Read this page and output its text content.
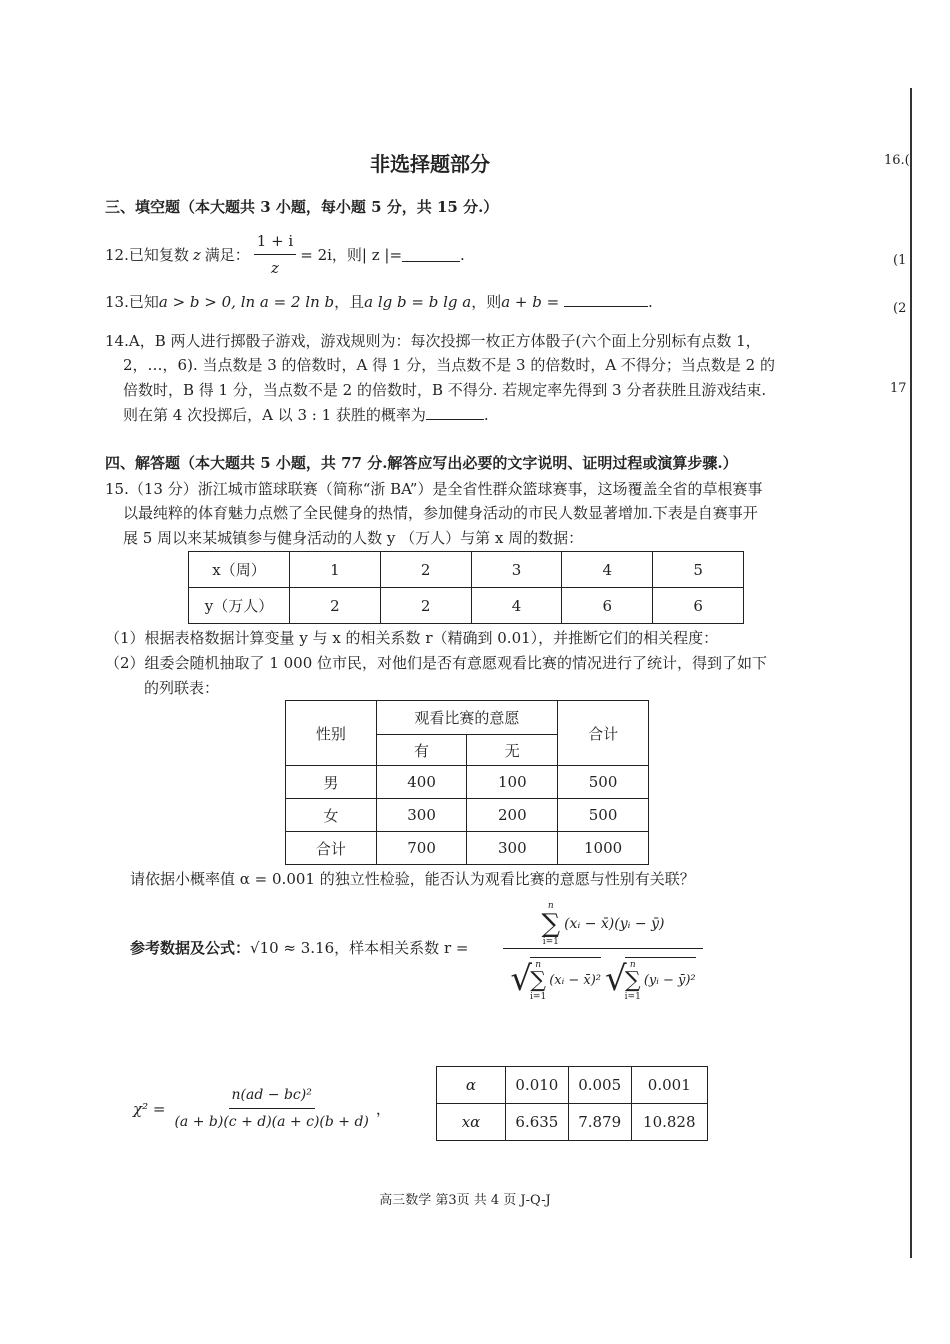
16.(
(1
(2
17
非选择题部分
三、填空题（本大题共 3 小题，每小题 5 分，共 15 分.）
12.已知复数 z 满足： $\frac{1 + i}{z} = 2i$ ，则| z |=	.
13.已知a > b > 0, ln a = 2 ln b，且a lg b = b lg a，则a + b =	.
14.A，B 两人进行掷骰子游戏，游戏规则为：每次投掷一枚正方体骰子(六个面上分别标有点数 1，
2，…，6). 当点数是 3 的倍数时，A 得 1 分，当点数不是 3 的倍数时，A 不得分；当点数是 2 的
倍数时，B 得 1 分，当点数不是 2 的倍数时，B 不得分. 若规定率先得到 3 分者获胜且游戏结束.
则在第 4 次投掷后，A 以 3 : 1 获胜的概率为	.
四、解答题（本大题共 5 小题，共 77 分.解答应写出必要的文字说明、证明过程或演算步骤.）
15.（13 分）浙江城市篮球联赛（简称“浙 BA”）是全省性群众篮球赛事，这场覆盖全省的草根赛事
以最纯粹的体育魅力点燃了全民健身的热情，参加健身活动的市民人数显著增加.下表是自赛事开
展 5 周以来某城镇参与健身活动的人数 y （万人）与第 x 周的数据：
x（周）	1	2	3	4	5
y（万人）	2	2	4	6	6
（1）根据表格数据计算变量 y 与 x 的相关系数 r（精确到 0.01），并推断它们的相关程度：
（2）组委会随机抽取了 1 000 位市民，对他们是否有意愿观看比赛的情况进行了统计，得到了如下
的列联表：
性别	观看比赛的意愿		合计
	有	无	
男	400	100	500
女	300	200	500
合计	700	300	1000
请依据小概率值 α = 0.001 的独立性检验，能否认为观看比赛的意愿与性别有关联？
参考数据及公式：√10 ≈ 3.16，样本相关系数 r =
n
∑
i=1
(xᵢ − x̄)(yᵢ − ȳ)
√ n
∑
i=1
(xᵢ − x̄)² √ n
∑
i=1
(yᵢ − ȳ)²
$\chi^2 = \frac{\text{n(ad − bc)²}}{(a + b)(c + d)(a + c)(b + d)}$ ，
α	0.010	0.005	0.001
xα	6.635	7.879	10.828
高三数学 第3页 共 4 页 J-Q-J
